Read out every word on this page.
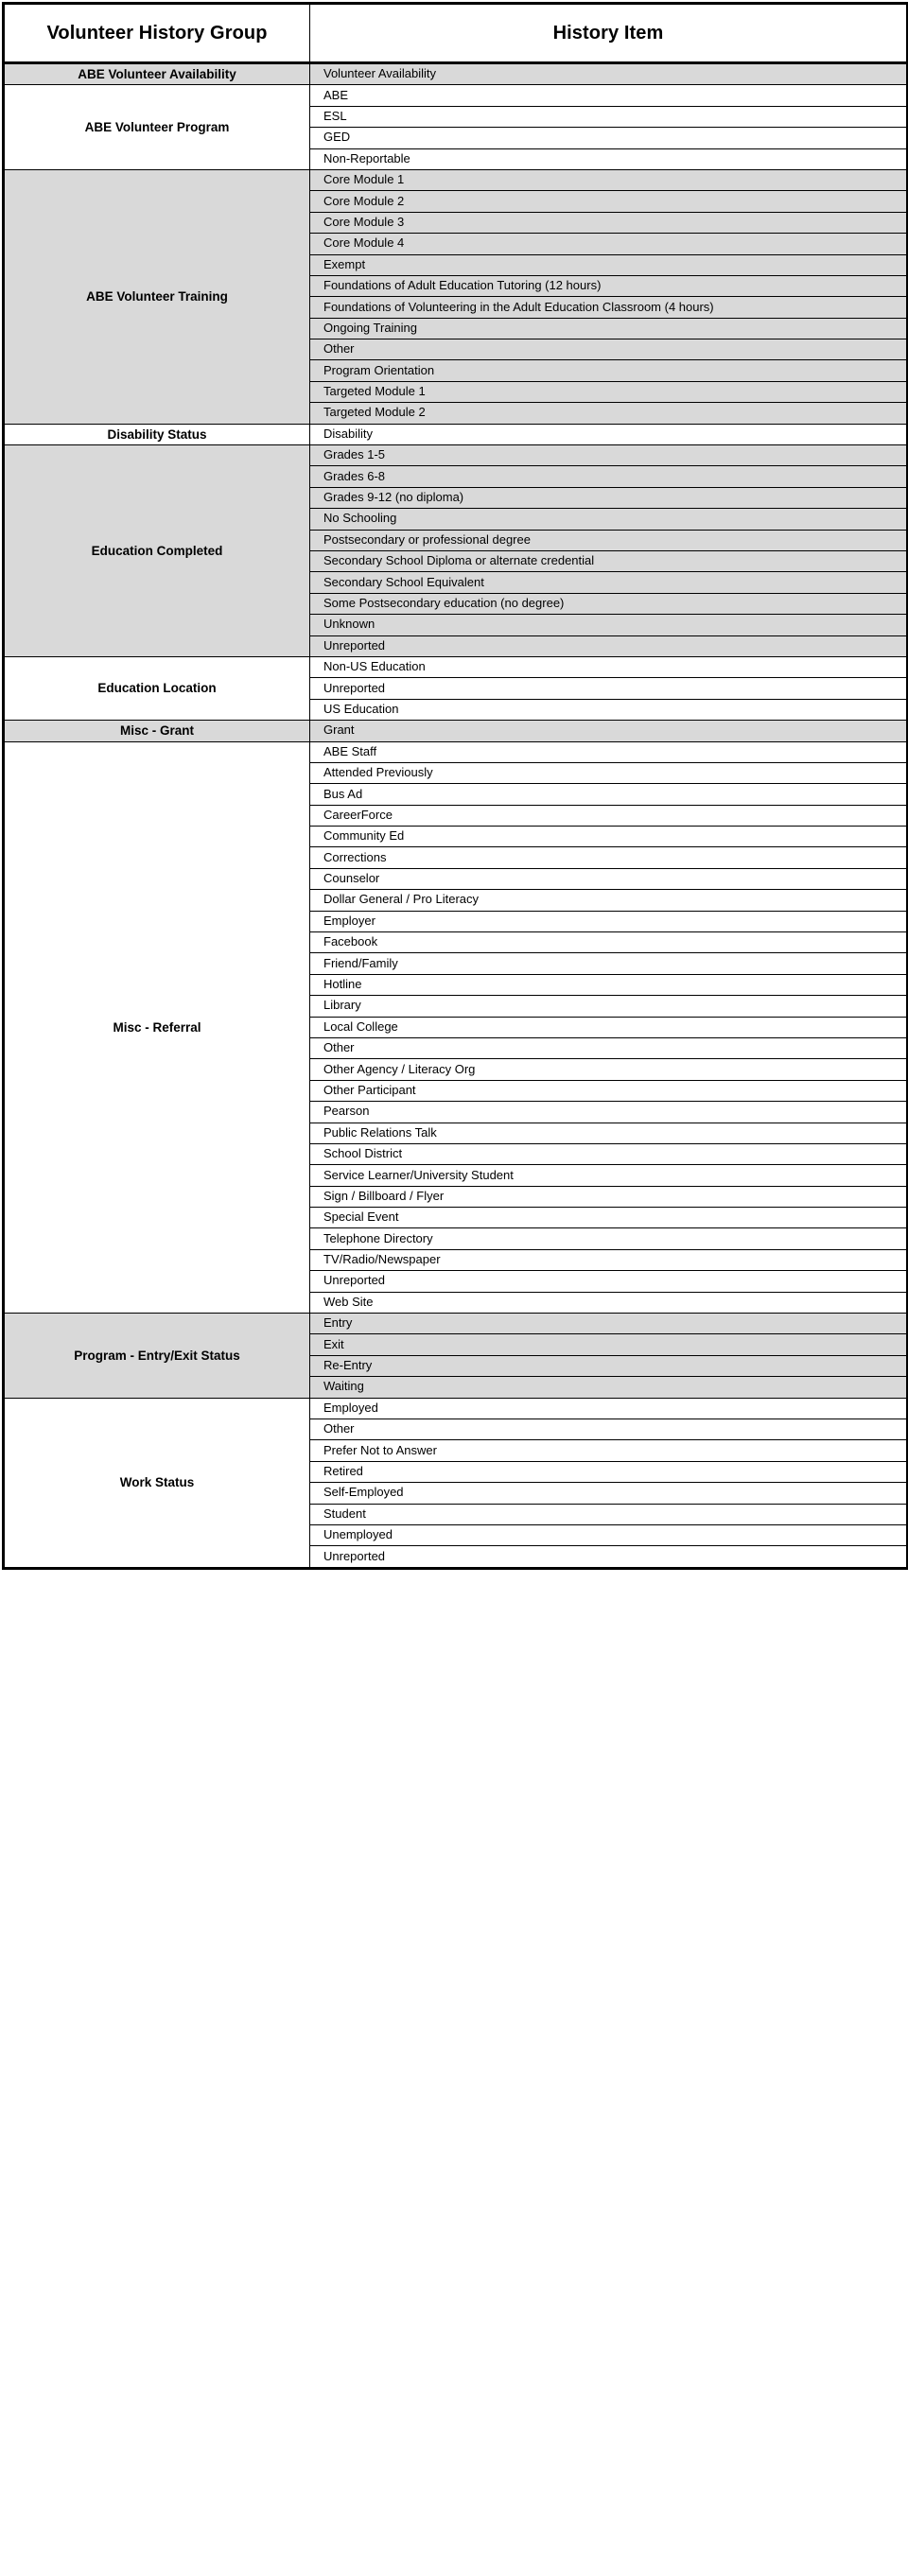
Volunteer History Group	History Item
ABE Volunteer Availability	Volunteer Availability
ABE Volunteer Program	ABE
	ESL
	GED
	Non-Reportable
ABE Volunteer Training	Core Module 1
	Core Module 2
	Core Module 3
	Core Module 4
	Exempt
	Foundations of Adult Education Tutoring (12 hours)
	Foundations of Volunteering in the Adult Education Classroom (4 hours)
	Ongoing Training
	Other
	Program Orientation
	Targeted Module 1
	Targeted Module 2
Disability Status	Disability
Education Completed	Grades 1-5
	Grades 6-8
	Grades 9-12 (no diploma)
	No Schooling
	Postsecondary or professional degree
	Secondary School Diploma or alternate credential
	Secondary School Equivalent
	Some Postsecondary education (no degree)
	Unknown
	Unreported
Education Location	Non-US Education
	Unreported
	US Education
Misc - Grant	Grant
Misc - Referral	ABE Staff
	Attended Previously
	Bus Ad
	CareerForce
	Community Ed
	Corrections
	Counselor
	Dollar General / Pro Literacy
	Employer
	Facebook
	Friend/Family
	Hotline
	Library
	Local College
	Other
	Other Agency / Literacy Org
	Other Participant
	Pearson
	Public Relations Talk
	School District
	Service Learner/University Student
	Sign / Billboard / Flyer
	Special Event
	Telephone Directory
	TV/Radio/Newspaper
	Unreported
	Web Site
Program - Entry/Exit Status	Entry
	Exit
	Re-Entry
	Waiting
Work Status	Employed
	Other
	Prefer Not to Answer
	Retired
	Self-Employed
	Student
	Unemployed
	Unreported
